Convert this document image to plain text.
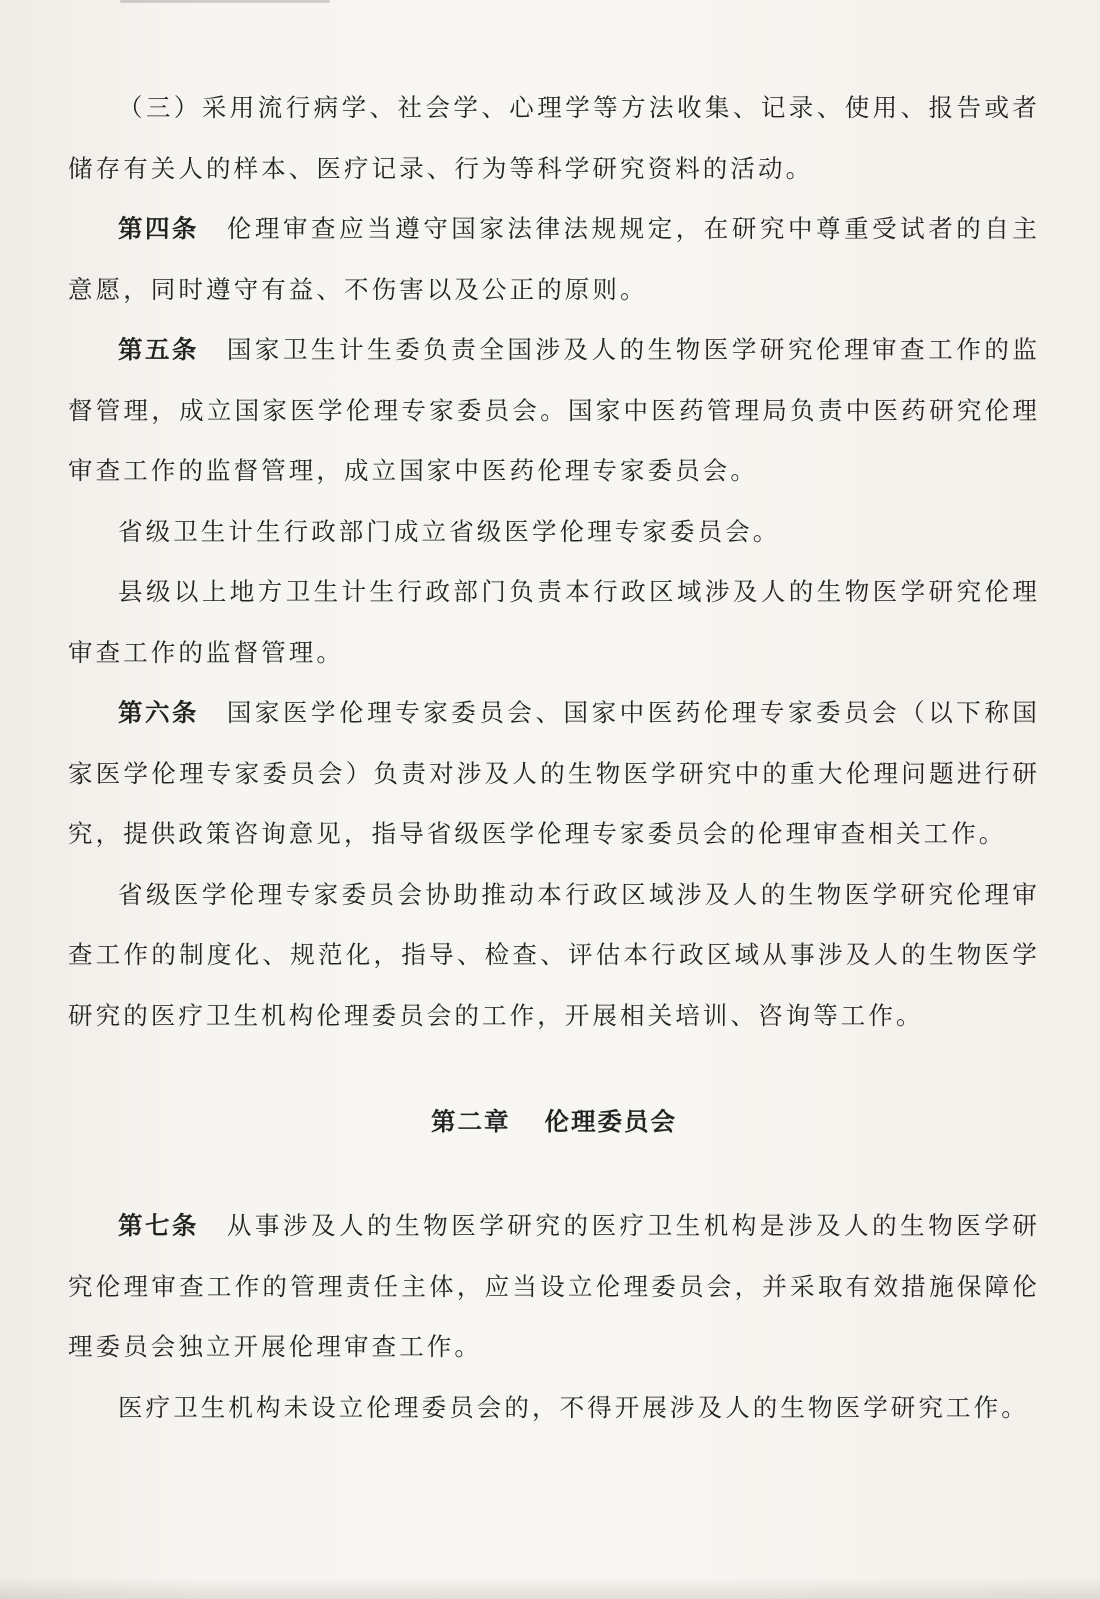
（三）采用流行病学、社会学、心理学等方法收集、记录、使用、报告或者储存有关人的样本、医疗记录、行为等科学研究资料的活动。

第四条 伦理审查应当遵守国家法律法规规定，在研究中尊重受试者的自主意愿，同时遵守有益、不伤害以及公正的原则。

第五条 国家卫生计生委负责全国涉及人的生物医学研究伦理审查工作的监督管理，成立国家医学伦理专家委员会。国家中医药管理局负责中医药研究伦理审查工作的监督管理，成立国家中医药伦理专家委员会。

省级卫生计生行政部门成立省级医学伦理专家委员会。

县级以上地方卫生计生行政部门负责本行政区域涉及人的生物医学研究伦理审查工作的监督管理。

第六条 国家医学伦理专家委员会、国家中医药伦理专家委员会（以下称国家医学伦理专家委员会）负责对涉及人的生物医学研究中的重大伦理问题进行研究，提供政策咨询意见，指导省级医学伦理专家委员会的伦理审查相关工作。

省级医学伦理专家委员会协助推动本行政区域涉及人的生物医学研究伦理审查工作的制度化、规范化，指导、检查、评估本行政区域从事涉及人的生物医学研究的医疗卫生机构伦理委员会的工作，开展相关培训、咨询等工作。

第二章 伦理委员会

第七条 从事涉及人的生物医学研究的医疗卫生机构是涉及人的生物医学研究伦理审查工作的管理责任主体，应当设立伦理委员会，并采取有效措施保障伦理委员会独立开展伦理审查工作。

医疗卫生机构未设立伦理委员会的，不得开展涉及人的生物医学研究工作。
